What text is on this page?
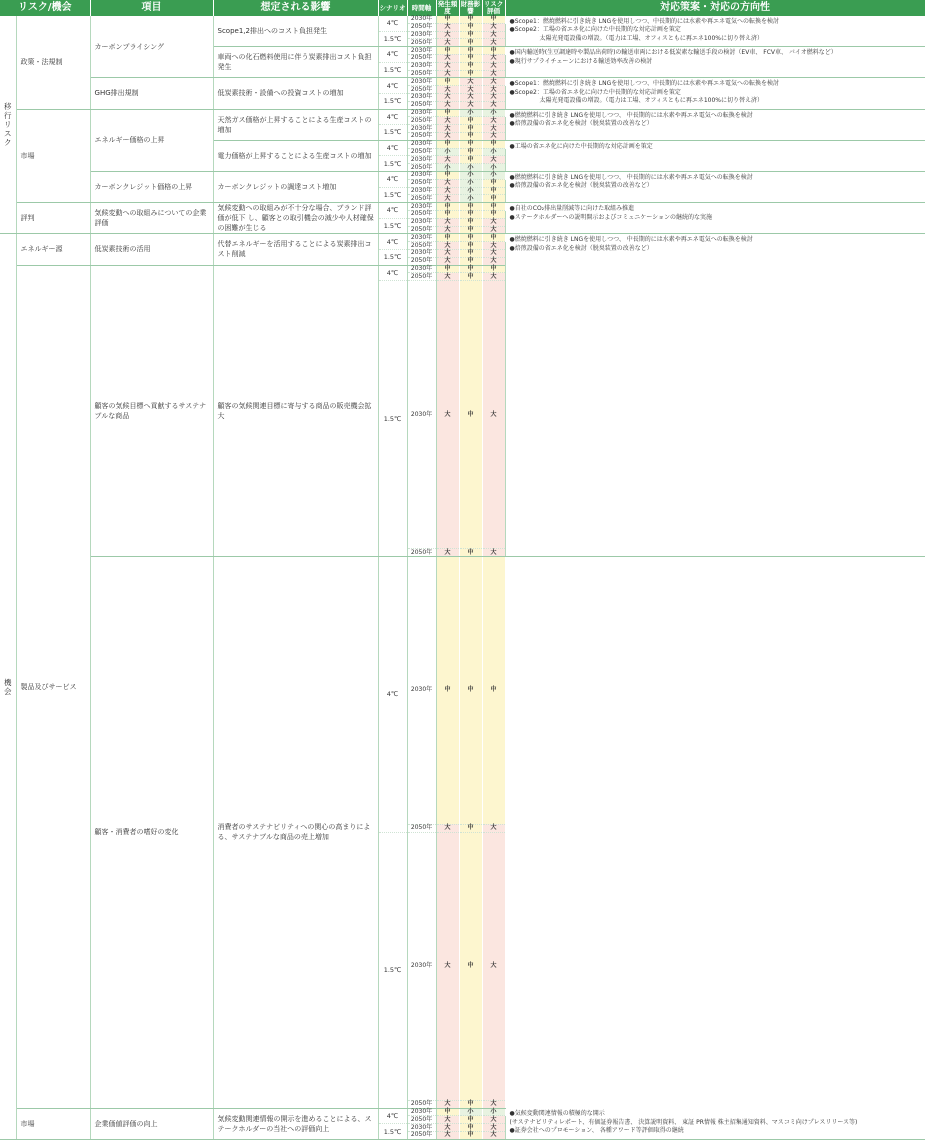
リスク/機会		項目	想定される影響	シナリオ	時間軸	発生頻度	財務影響	リスク評価	対応策案・対応の方向性	

移
行
リ
ス
ク	政策・法規制	カーボンプライシング	Scope1,2排出へのコスト負担発生	4℃	2030年	中	中	中	●Scope1：燃焼燃料に引き続き LNGを使用しつつ、中長期的には水素や再エネ電気への転換を検討
●Scope2：工場の省エネ化に向けた中長期的な対応計画を策定
　　　　　太陽光発電設備の増設。（電力は工場、オフィスともに再エネ100%に切り替え済）	

					2050年	大	中	大		
				1.5℃	2030年	大	中	大		
					2050年	大	中	大		
			車両への化石燃料使用に伴う炭素排出コスト負担発生	4℃	2030年	中	中	中	●国内輸送時(生豆調達時や製品出荷時)の輸送車両における低炭素な輸送手段の検討（EV車、 FCV車、 バイオ燃料など）
●現行サプライチェーンにおける輸送効率改善の検討	

					2050年	大	中	大		
				1.5℃	2030年	大	中	大		
					2050年	大	中	大		
		GHG排出規制	低炭素技術・設備への投資コストの増加	4℃	2030年	中	大	大	●Scope1：燃焼燃料に引き続き LNGを使用しつつ、中長期的には水素や再エネ電気への転換を検討
●Scope2：工場の省エネ化に向けた中長期的な対応計画を策定
　　　　　太陽光発電設備の増設。（電力は工場、オフィスともに再エネ100%に切り替え済）	

					2050年	大	大	大		
				1.5℃	2030年	大	大	大		
					2050年	大	大	大		
	市場	エネルギー価格の上昇	天然ガス価格が上昇することによる生産コストの増加	4℃	2030年	中	小	小	●燃焼燃料に引き続き LNGを使用しつつ、 中長期的には水素や再エネ電気への転換を検討
●焙煎設備の省エネ化を検討（脱臭装置の改善など）	

					2050年	大	中	大		
				1.5℃	2030年	大	中	大		
					2050年	大	中	大		
			電力価格が上昇することによる生産コストの増加	4℃	2030年	中	中	中	●工場の省エネ化に向けた中長期的な対応計画を策定	

					2050年	小	中	小		
				1.5℃	2030年	大	中	大		
					2050年	小	小	小		
		カーボンクレジット価格の上昇	カーボンクレジットの調達コスト増加	4℃	2030年	中	小	小	●燃焼燃料に引き続き LNGを使用しつつ、 中長期的には水素や再エネ電気への転換を検討
●焙煎設備の省エネ化を検討（脱臭装置の改善など）	

					2050年	大	小	中		
				1.5℃	2030年	大	小	中		
					2050年	大	小	中		
	評判	気候変動への取組みについての企業評価	気候変動への取組みが不十分な場合、ブランド評価が低下 し、顧客との取引機会の減少や人材確保の困難が生じる	4℃	2030年	中	中	中	●自社のCO₂排出量削減等に向けた取組み推進
●ステークホルダーへの説明開示およびコミュニケーションの継続的な実施	

					2050年	中	中	中		
				1.5℃	2030年	大	中	大		
					2050年	大	中	大		

機
会	エネルギー源	低炭素技術の活用	代替エネルギーを活用することによる炭素排出コスト削減	4℃	2030年	中	中	中	●燃焼燃料に引き続き LNGを使用しつつ、 中長期的には水素や再エネ電気への転換を検討
●焙煎設備の省エネ化を検討（脱臭装置の改善など）	

					2050年	大	中	大		
				1.5℃	2030年	大	中	大		
					2050年	大	中	大		
	製品及びサービス	顧客の気候目標へ貢献するサステナブルな商品	顧客の気候関連目標に寄与する商品の販売機会拡大	4℃	2030年	中	中	中	

					2050年	大	中	大		
				1.5℃	2030年	大	中	大		
					2050年	大	中	大		
		顧客・消費者の嗜好の変化	消費者のサステナビリティへの関心の高まりによる、サステナブルな商品の売上増加	4℃	2030年	中	中	中		
					2050年	大	中	大		
				1.5℃	2030年	大	中	大		
					2050年	大	中	大		
	市場	企業価値評価の向上	気候変動関連情報の開示を進めることによる、ステークホルダーの当社への評価向上	4℃	2030年	中	小	小	●気候変動関連情報の積極的な開示
(サステナビリティレポート、有価証券報告書、 決算説明資料、 東証 PR情報 株主招集通知資料、マスコミ向けプレスリリース等)
●証券会社へのプロモーション、 各種アワード等評価取得の継続	

					2050年	大	中	大		
				1.5℃	2030年	大	中	大		
					2050年	大	中	大		
